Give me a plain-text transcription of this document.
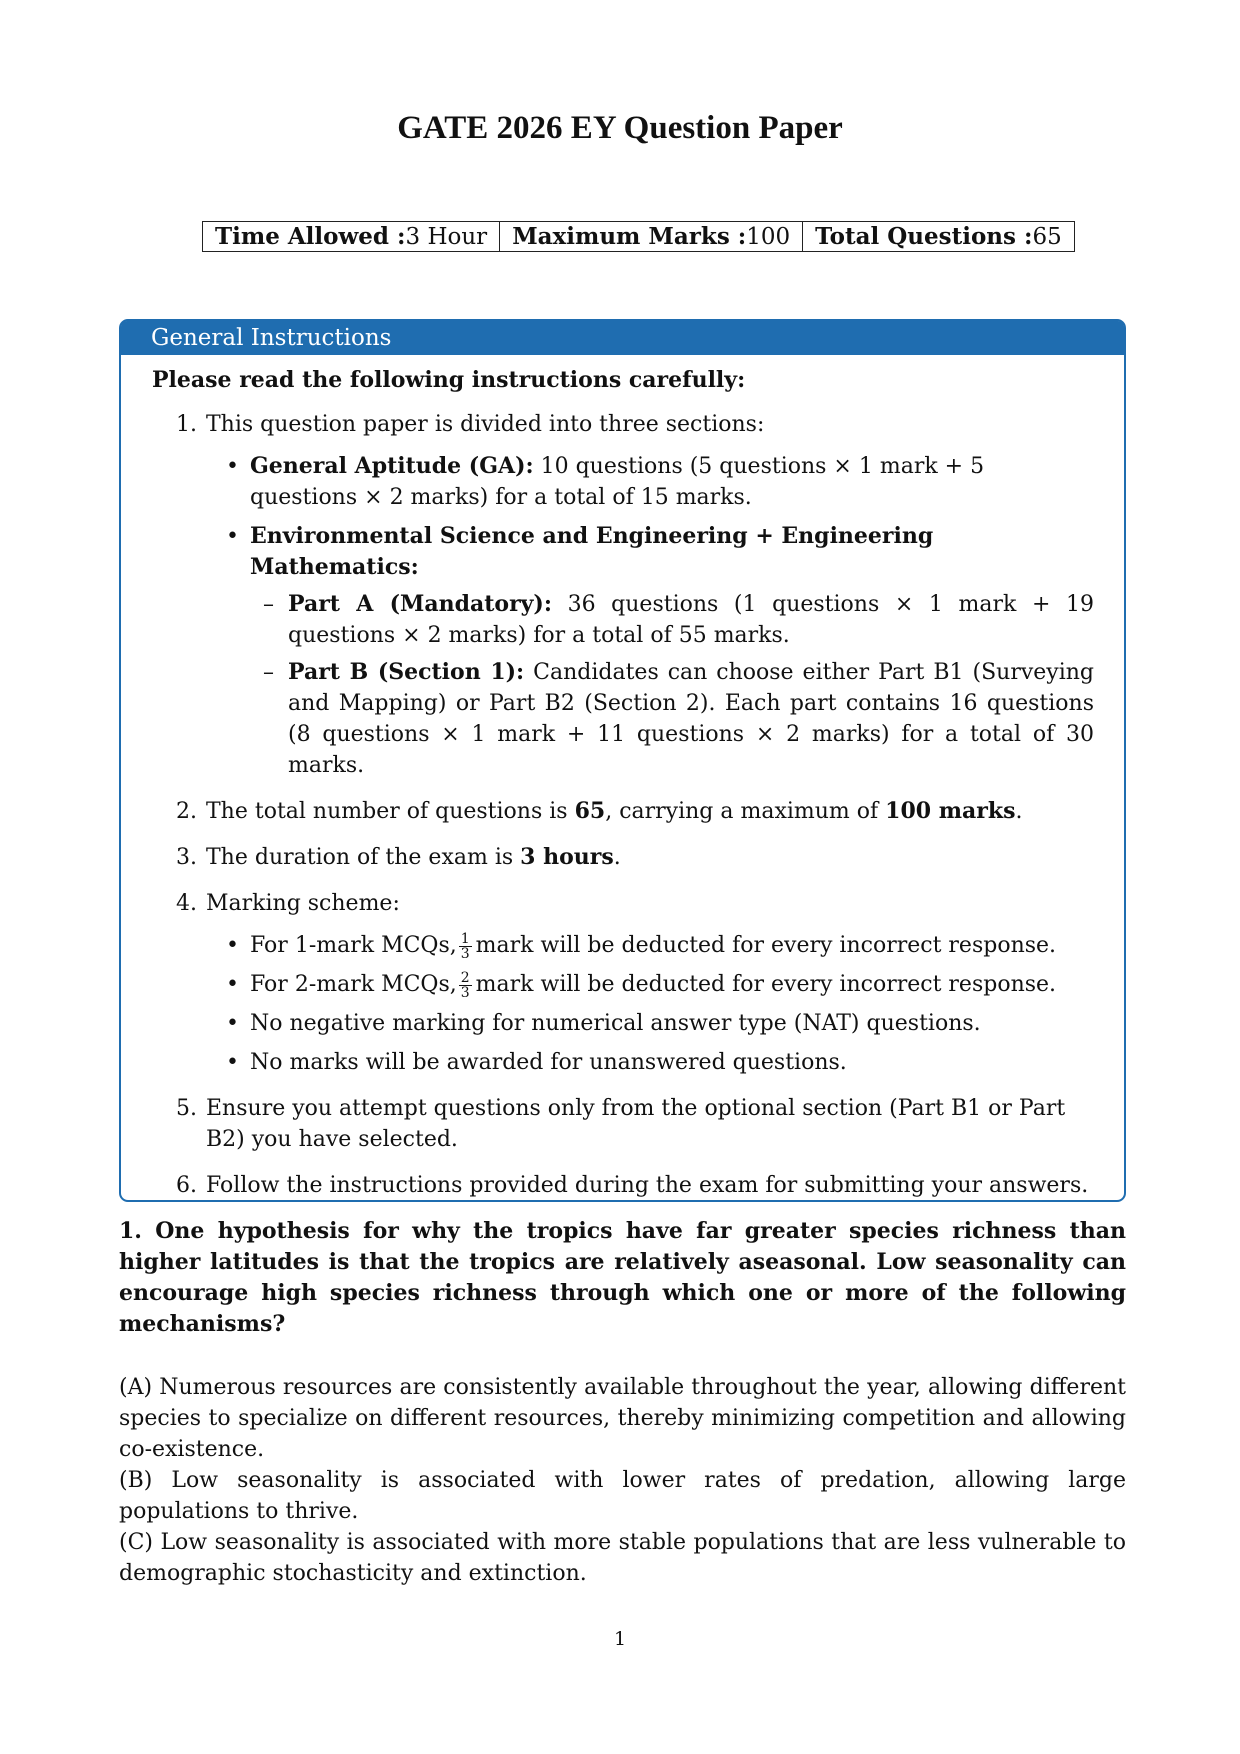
GATE 2026 EY Question Paper
Time Allowed :3 Hour	Maximum Marks :100	Total Questions :65
General Instructions
Please read the following instructions carefully:
1. This question paper is divided into three sections:
• General Aptitude (GA): 10 questions (5 questions × 1 mark + 5 questions × 2 marks) for a total of 15 marks.
• Environmental Science and Engineering + Engineering Mathematics:
– Part A (Mandatory): 36 questions (1 questions × 1 mark + 19 questions × 2 marks) for a total of 55 marks.
– Part B (Section 1): Candidates can choose either Part B1 (Surveying and Mapping) or Part B2 (Section 2). Each part contains 16 questions (8 questions × 1 mark + 11 questions × 2 marks) for a total of 30 marks.
2. The total number of questions is 65, carrying a maximum of 100 marks.
3. The duration of the exam is 3 hours.
4. Marking scheme:
• For 1-mark MCQs, $\frac{1}{3}$ mark will be deducted for every incorrect response.
• For 2-mark MCQs, $\frac{2}{3}$ mark will be deducted for every incorrect response.
• No negative marking for numerical answer type (NAT) questions.
• No marks will be awarded for unanswered questions.
5. Ensure you attempt questions only from the optional section (Part B1 or Part B2) you have selected.
6. Follow the instructions provided during the exam for submitting your answers.
1. One hypothesis for why the tropics have far greater species richness than higher latitudes is that the tropics are relatively aseasonal. Low seasonality can encourage high species richness through which one or more of the following mechanisms?

(A) Numerous resources are consistently available throughout the year, allowing different species to specialize on different resources, thereby minimizing competition and allowing co-existence.

(B) Low seasonality is associated with lower rates of predation, allowing large populations to thrive.

(C) Low seasonality is associated with more stable populations that are less vulnerable to demographic stochasticity and extinction.

1
